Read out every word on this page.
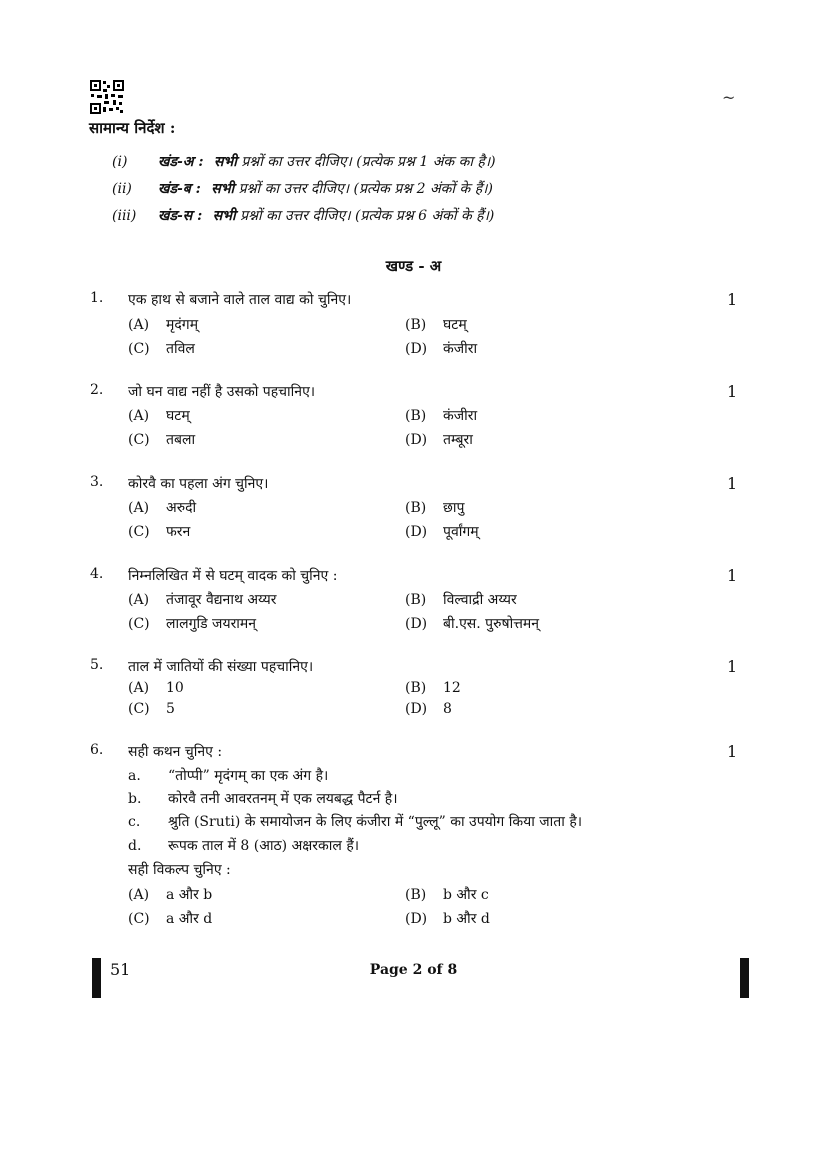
~
सामान्य निर्देश :
(i) खंड-अ : सभी प्रश्नों का उत्तर दीजिए। (प्रत्येक प्रश्न 1 अंक का है।)
(ii) खंड-ब : सभी प्रश्नों का उत्तर दीजिए। (प्रत्येक प्रश्न 2 अंकों के हैं।)
(iii) खंड-स : सभी प्रश्नों का उत्तर दीजिए। (प्रत्येक प्रश्न 6 अंकों के हैं।)
खण्ड - अ
1. एक हाथ से बजाने वाले ताल वाद्य को चुनिए।	1
(A) मृदंगम्	(B) घटम्
(C) तविल	(D) कंजीरा
2. जो घन वाद्य नहीं है उसको पहचानिए।	1
(A) घटम्	(B) कंजीरा
(C) तबला	(D) तम्बूरा
3. कोरवै का पहला अंग चुनिए।	1
(A) अरुदी	(B) छापु
(C) फरन	(D) पूर्वांगम्
4. निम्नलिखित में से घटम् वादक को चुनिए :	1
(A) तंजावूर वैद्यनाथ अय्यर	(B) विल्वाद्री अय्यर
(C) लालगुडि जयरामन्	(D) बी.एस. पुरुषोत्तमन्
5. ताल में जातियों की संख्या पहचानिए।	1
(A) 10	(B) 12
(C) 5	(D) 8
6. सही कथन चुनिए :	1
a. “तोप्पी” मृदंगम् का एक अंग है।
b. कोरवै तनी आवरतनम् में एक लयबद्ध पैटर्न है।
c. श्रुति (Sruti) के समायोजन के लिए कंजीरा में “पुल्लू” का उपयोग किया जाता है।
d. रूपक ताल में 8 (आठ) अक्षरकाल हैं।
सही विकल्प चुनिए :
(A) a और b	(B) b और c
(C) a और d	(D) b और d
51	Page 2 of 8
